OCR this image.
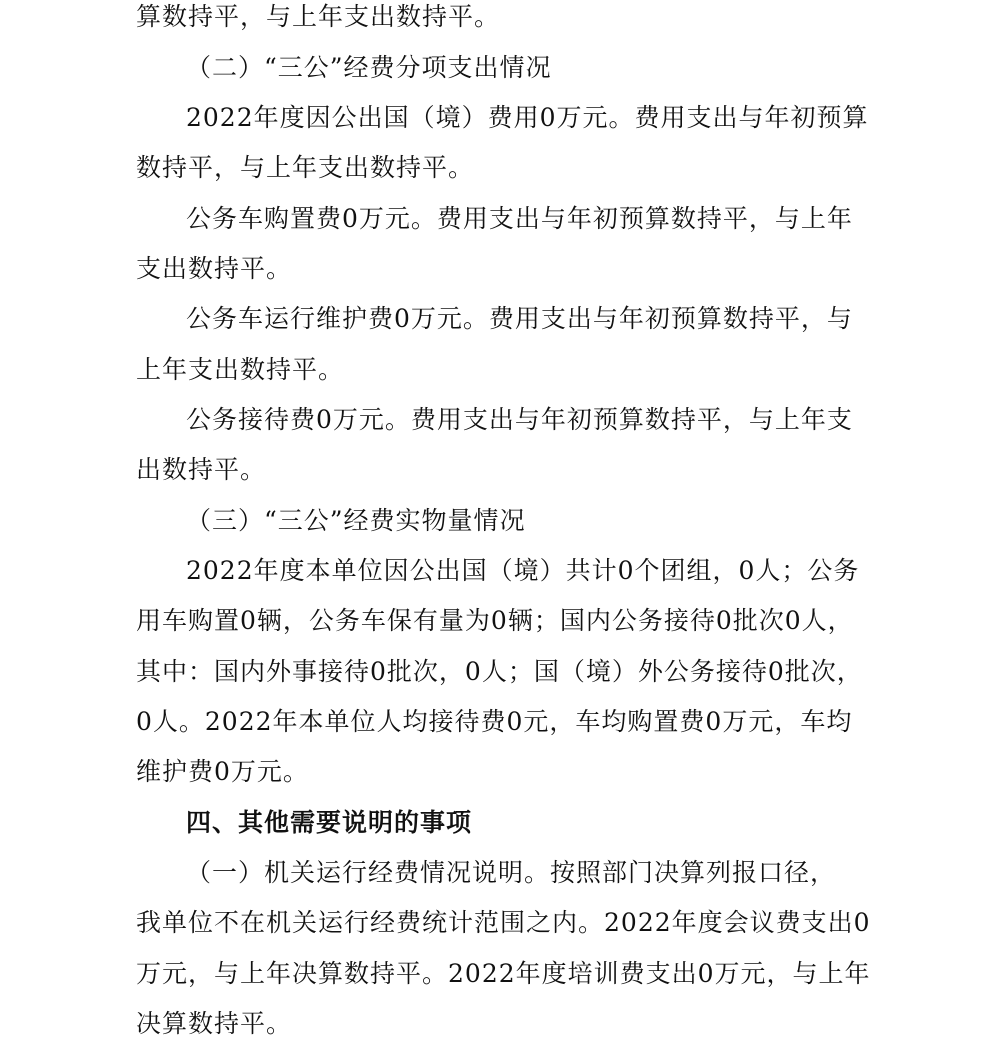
算数持平，与上年支出数持平。
（二）“三公”经费分项支出情况
2022年度因公出国（境）费用0万元。费用支出与年初预算
数持平，与上年支出数持平。
公务车购置费0万元。费用支出与年初预算数持平，与上年
支出数持平。
公务车运行维护费0万元。费用支出与年初预算数持平，与
上年支出数持平。
公务接待费0万元。费用支出与年初预算数持平，与上年支
出数持平。
（三）“三公”经费实物量情况
2022年度本单位因公出国（境）共计0个团组，0人；公务
用车购置0辆，公务车保有量为0辆；国内公务接待0批次0人，
其中：国内外事接待0批次，0人；国（境）外公务接待0批次，
0人。2022年本单位人均接待费0元，车均购置费0万元，车均
维护费0万元。
四、其他需要说明的事项
（一）机关运行经费情况说明。按照部门决算列报口径，
我单位不在机关运行经费统计范围之内。2022年度会议费支出0
万元，与上年决算数持平。2022年度培训费支出0万元，与上年
决算数持平。
